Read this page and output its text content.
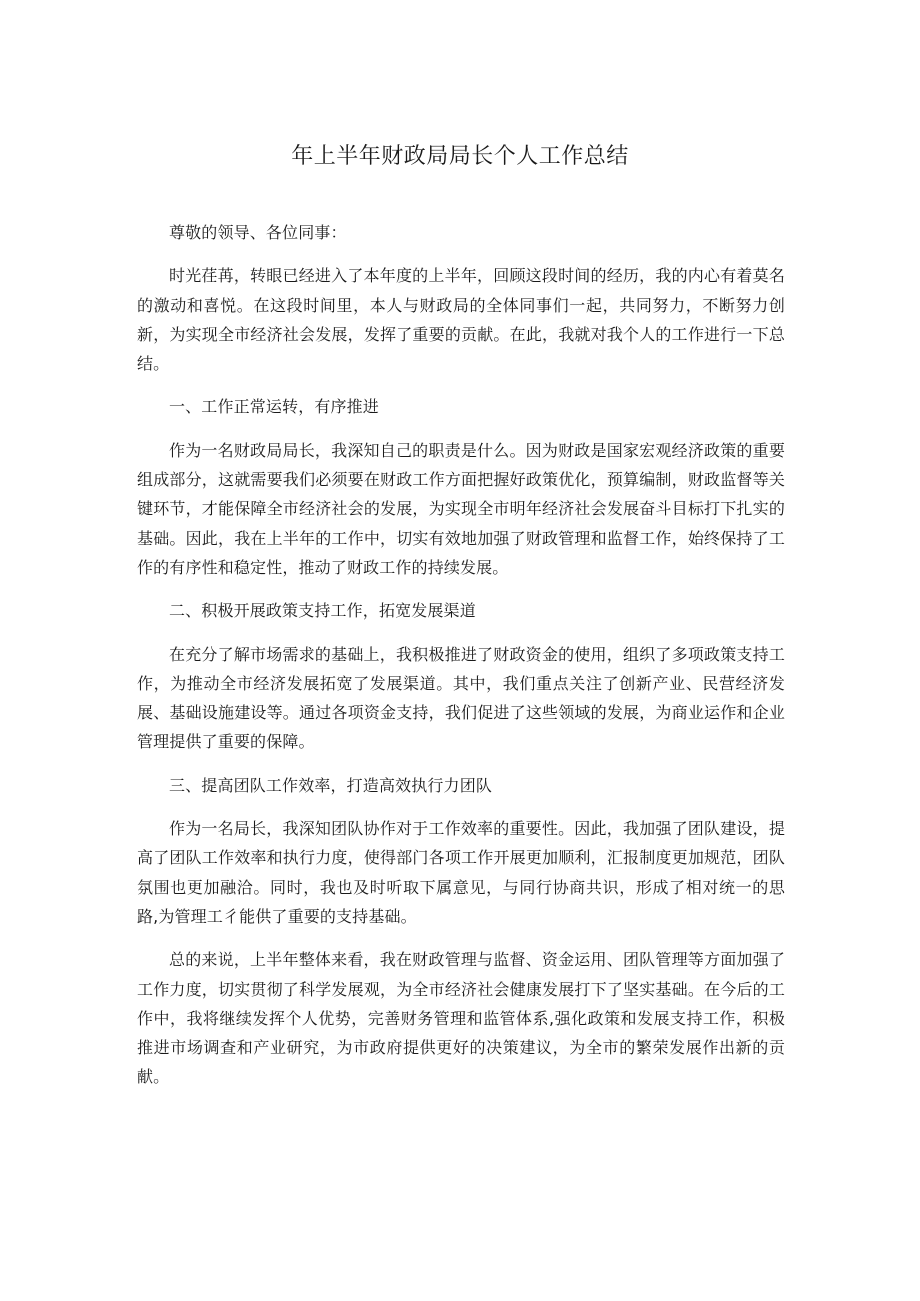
年上半年财政局局长个人工作总结

尊敬的领导、各位同事：

时光荏苒，转眼已经进入了本年度的上半年，回顾这段时间的经历，我的内心有着莫名的激动和喜悦。在这段时间里，本人与财政局的全体同事们一起，共同努力，不断努力创新，为实现全市经济社会发展，发挥了重要的贡献。在此，我就对我个人的工作进行一下总结。

一、工作正常运转，有序推进

作为一名财政局局长，我深知自己的职责是什么。因为财政是国家宏观经济政策的重要组成部分，这就需要我们必须要在财政工作方面把握好政策优化，预算编制，财政监督等关键环节，才能保障全市经济社会的发展，为实现全市明年经济社会发展奋斗目标打下扎实的基础。因此，我在上半年的工作中，切实有效地加强了财政管理和监督工作，始终保持了工作的有序性和稳定性，推动了财政工作的持续发展。

二、积极开展政策支持工作，拓宽发展渠道

在充分了解市场需求的基础上，我积极推进了财政资金的使用，组织了多项政策支持工作，为推动全市经济发展拓宽了发展渠道。其中，我们重点关注了创新产业、民营经济发展、基础设施建设等。通过各项资金支持，我们促进了这些领域的发展，为商业运作和企业管理提供了重要的保障。

三、提高团队工作效率，打造高效执行力团队

作为一名局长，我深知团队协作对于工作效率的重要性。因此，我加强了团队建设，提高了团队工作效率和执行力度，使得部门各项工作开展更加顺利，汇报制度更加规范，团队氛围也更加融洽。同时，我也及时听取下属意见，与同行协商共识，形成了相对统一的思路,为管理工彳能供了重要的支持基础。

总的来说，上半年整体来看，我在财政管理与监督、资金运用、团队管理等方面加强了工作力度，切实贯彻了科学发展观，为全市经济社会健康发展打下了坚实基础。在今后的工作中，我将继续发挥个人优势，完善财务管理和监管体系,强化政策和发展支持工作，积极推进市场调查和产业研究，为市政府提供更好的决策建议，为全市的繁荣发展作出新的贡献。
